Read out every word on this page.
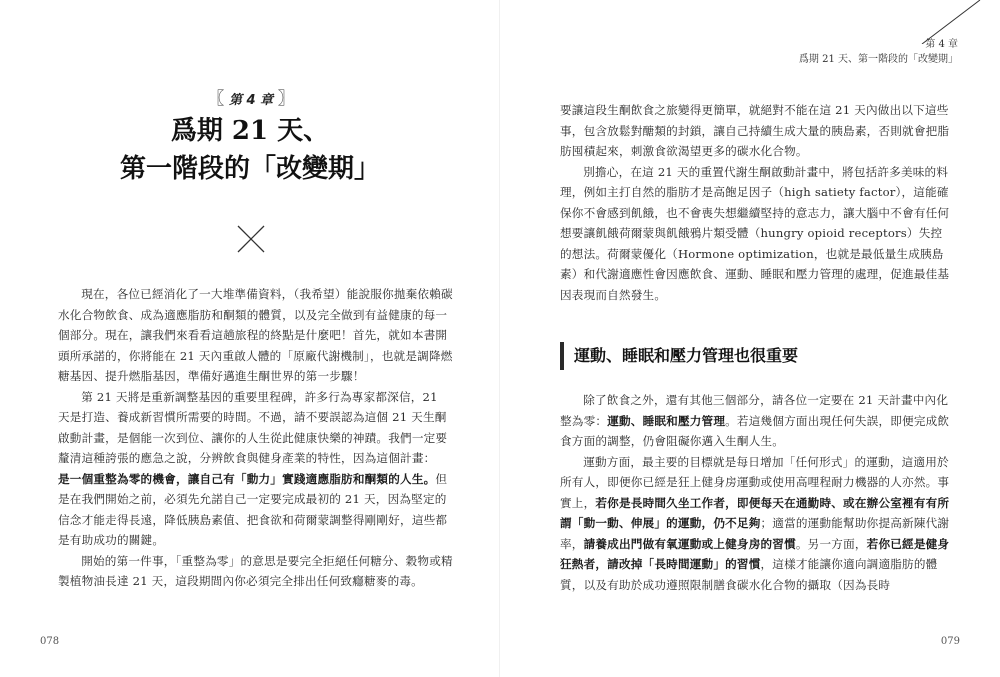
〖 第 4 章 〗
爲期 21 天、
第一階段的「改變期」

現在，各位已經消化了一大堆準備資料，（我希望）能說服你拋棄依賴碳水化合物飲食、成為適應脂肪和酮類的體質，以及完全做到有益健康的每一個部分。現在，讓我們來看看這趟旅程的終點是什麼吧！首先，就如本書開頭所承諾的，你將能在 21 天內重啟人體的「原廠代謝機制」，也就是調降燃糖基因、提升燃脂基因，準備好邁進生酮世界的第一步驟！

第 21 天將是重新調整基因的重要里程碑，許多行為專家都深信，21 天是打造、養成新習慣所需要的時間。不過，請不要誤認為這個 21 天生酮啟動計畫，是個能一次到位、讓你的人生從此健康快樂的神蹟。我們一定要釐清這種誇張的應急之說，分辨飲食與健身產業的特性，因為這個計畫：

是一個重整為零的機會，讓自己有「動力」實踐適應脂肪和酮類的人生。但是在我們開始之前，必須先允諾自己一定要完成最初的 21 天，因為堅定的信念才能走得長遠，降低胰島素值、把食欲和荷爾蒙調整得剛剛好，這些都是有助成功的關鍵。

開始的第一件事，「重整為零」的意思是要完全拒絕任何糖分、穀物或精製植物油長達 21 天，這段期間內你必須完全排出任何致癮糖麥的毒。

078
第 4 章
爲期 21 天、第一階段的「改變期」

要讓這段生酮飲食之旅變得更簡單，就絕對不能在這 21 天內做出以下這些事，包含放鬆對醣類的封鎖，讓自己持續生成大量的胰島素，否則就會把脂肪囤積起來，刺激食欲渴望更多的碳水化合物。

別擔心，在這 21 天的重置代謝生酮啟動計畫中，將包括許多美味的料理，例如主打自然的脂肪才是高飽足因子（high satiety factor），這能確保你不會感到飢餓，也不會喪失想繼續堅持的意志力，讓大腦中不會有任何想要讓飢餓荷爾蒙與飢餓鴉片類受體（hungry opioid receptors）失控的想法。荷爾蒙優化（Hormone optimization，也就是最低量生成胰島素）和代謝適應性會因應飲食、運動、睡眠和壓力管理的處理，促進最佳基因表現而自然發生。

運動、睡眠和壓力管理也很重要

除了飲食之外，還有其他三個部分，請各位一定要在 21 天計畫中內化整為零：運動、睡眠和壓力管理。若這幾個方面出現任何失誤，即便完成飲食方面的調整，仍會阻礙你邁入生酮人生。

運動方面，最主要的目標就是每日增加「任何形式」的運動，這適用於所有人，即便你已經是狂上健身房運動或使用高哩程耐力機器的人亦然。事實上，若你是長時間久坐工作者，即便每天在通勤時、或在辦公室裡有有所謂「動一動、伸展」的運動，仍不足夠；適當的運動能幫助你提高新陳代謝率，請養成出門做有氧運動或上健身房的習慣。另一方面，若你已經是健身狂熱者，請改掉「長時間運動」的習慣，這樣才能讓你適向調適脂肪的體質，以及有助於成功遵照限制膳食碳水化合物的攝取（因為長時

079
